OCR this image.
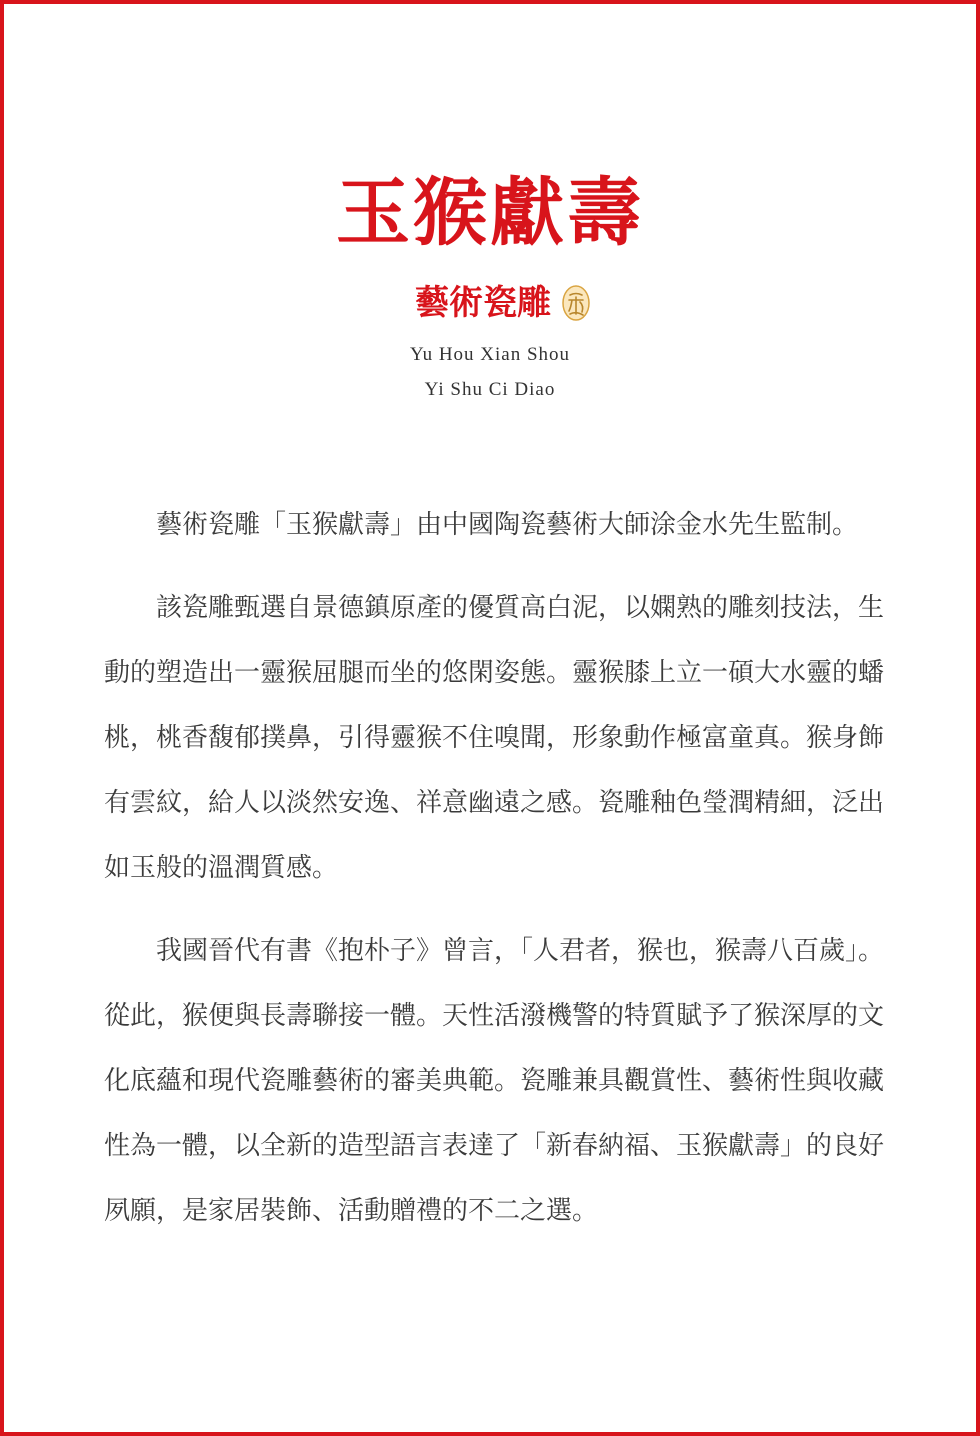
玉猴獻壽
藝術瓷雕
Yu Hou Xian Shou
Yi Shu Ci Diao

藝術瓷雕「玉猴獻壽」由中國陶瓷藝術大師涂金水先生監制。

該瓷雕甄選自景德鎮原產的優質高白泥，以嫻熟的雕刻技法，生動的塑造出一靈猴屈腿而坐的悠閑姿態。靈猴膝上立一碩大水靈的蟠桃，桃香馥郁撲鼻，引得靈猴不住嗅聞，形象動作極富童真。猴身飾有雲紋，給人以淡然安逸、祥意幽遠之感。瓷雕釉色瑩潤精細，泛出如玉般的溫潤質感。

我國晉代有書《抱朴子》曾言，「人君者，猴也，猴壽八百歲」。從此，猴便與長壽聯接一體。天性活潑機警的特質賦予了猴深厚的文化底蘊和現代瓷雕藝術的審美典範。瓷雕兼具觀賞性、藝術性與收藏性為一體，以全新的造型語言表達了「新春納福、玉猴獻壽」的良好夙願，是家居裝飾、活動贈禮的不二之選。
